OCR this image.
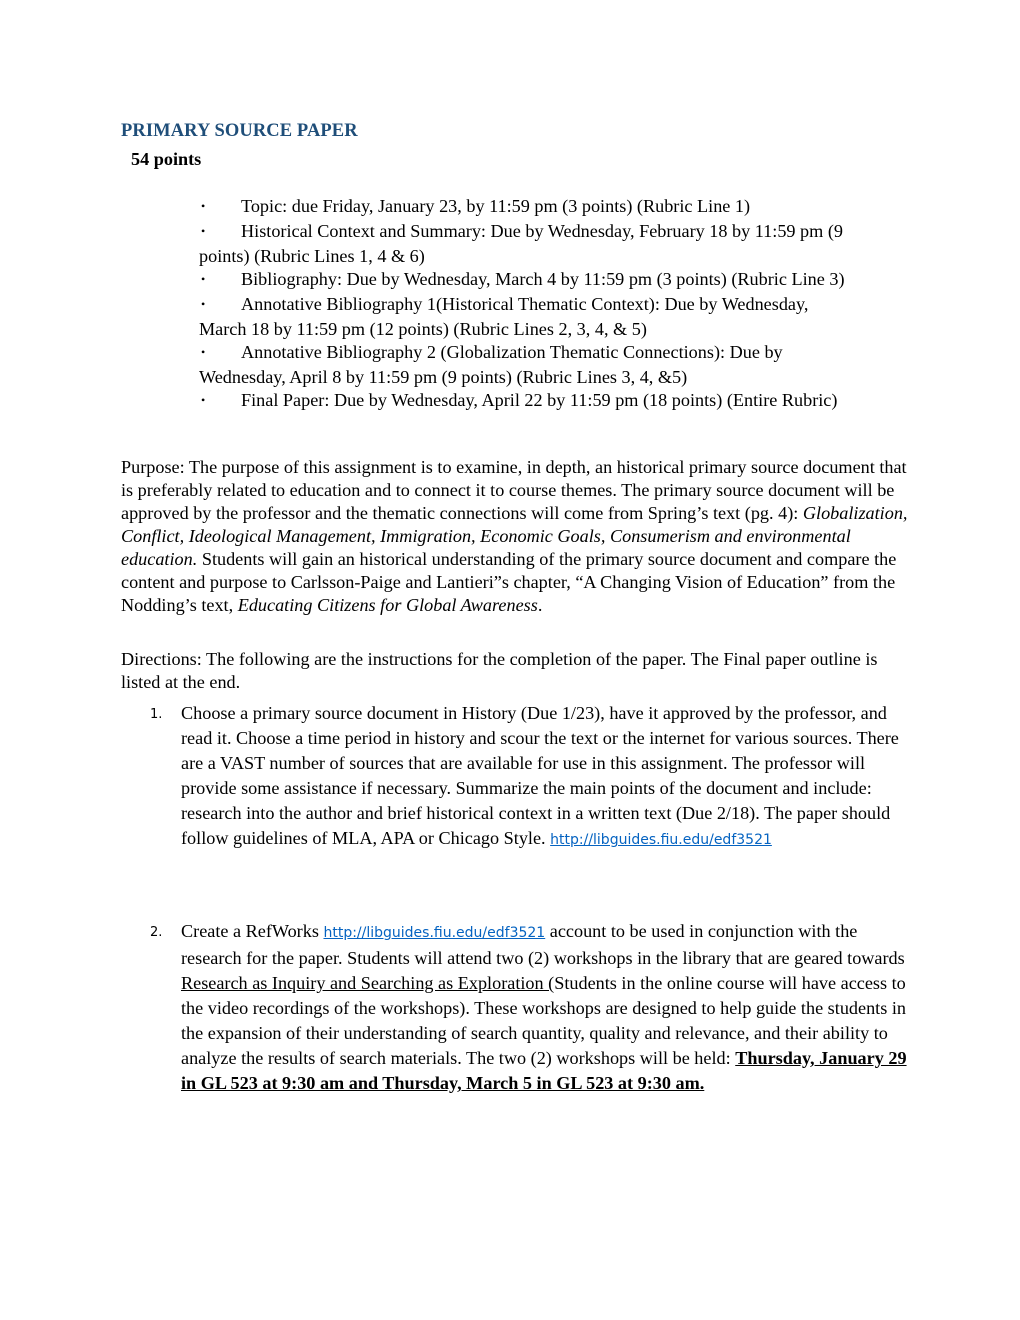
PRIMARY SOURCE PAPER
54 points
•Topic: due Friday, January 23, by 11:59 pm (3 points) (Rubric Line 1)
•Historical Context and Summary: Due by Wednesday, February 18 by 11:59 pm (9 points) (Rubric Lines 1, 4 & 6)
•Bibliography: Due by Wednesday, March 4 by 11:59 pm (3 points) (Rubric Line 3)
•Annotative Bibliography 1(Historical Thematic Context): Due by Wednesday, March 18 by 11:59 pm (12 points) (Rubric Lines 2, 3, 4, & 5)
•Annotative Bibliography 2 (Globalization Thematic Connections): Due by Wednesday, April 8 by 11:59 pm (9 points) (Rubric Lines 3, 4, &5)
•Final Paper: Due by Wednesday, April 22 by 11:59 pm (18 points) (Entire Rubric)

Purpose: The purpose of this assignment is to examine, in depth, an historical primary source document that is preferably related to education and to connect it to course themes. The primary source document will be approved by the professor and the thematic connections will come from Spring’s text (pg. 4): Globalization, Conflict, Ideological Management, Immigration, Economic Goals, Consumerism and environmental education. Students will gain an historical understanding of the primary source document and compare the content and purpose to Carlsson-Paige and Lantieri”s chapter, “A Changing Vision of Education” from the Nodding’s text, Educating Citizens for Global Awareness.

Directions: The following are the instructions for the completion of the paper. The Final paper outline is listed at the end.

1. Choose a primary source document in History (Due 1/23), have it approved by the professor, and read it. Choose a time period in history and scour the text or the internet for various sources. There are a VAST number of sources that are available for use in this assignment. The professor will provide some assistance if necessary. Summarize the main points of the document and include: research into the author and brief historical context in a written text (Due 2/18). The paper should follow guidelines of MLA, APA or Chicago Style. http://libguides.fiu.edu/edf3521
2. Create a RefWorks http://libguides.fiu.edu/edf3521 account to be used in conjunction with the research for the paper. Students will attend two (2) workshops in the library that are geared towards Research as Inquiry and Searching as Exploration (Students in the online course will have access to the video recordings of the workshops). These workshops are designed to help guide the students in the expansion of their understanding of search quantity, quality and relevance, and their ability to analyze the results of search materials. The two (2) workshops will be held: Thursday, January 29 in GL 523 at 9:30 am and Thursday, March 5 in GL 523 at 9:30 am.
